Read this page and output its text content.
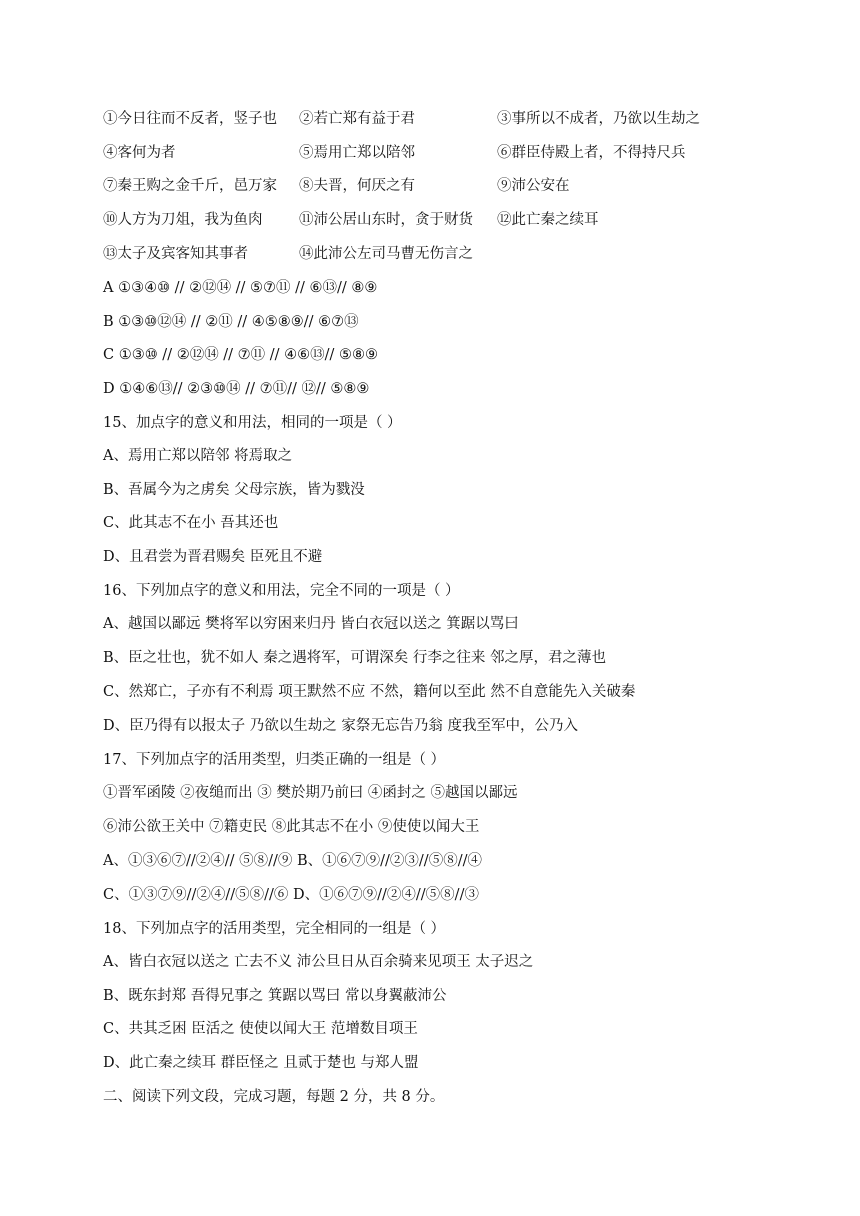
①今日往而不反者，竖子也 ②若亡郑有益于君	③事所以不成者，乃欲以生劫之
④客何为者	⑤焉用亡郑以陪邻	⑥群臣侍殿上者，不得持尺兵
⑦秦王购之金千斤，邑万家 ⑧夫晋，何厌之有	⑨沛公安在
⑩人方为刀俎，我为鱼肉	⑪沛公居山东时，贪于财货 ⑫此亡秦之续耳
⑬太子及宾客知其事者	⑭此沛公左司马曹无伤言之
A ①③④⑩ // ②⑫⑭ // ⑤⑦⑪ // ⑥⑬// ⑧⑨
B ①③⑩⑫⑭ // ②⑪ // ④⑤⑧⑨// ⑥⑦⑬
C ①③⑩ // ②⑫⑭ // ⑦⑪ // ④⑥⑬// ⑤⑧⑨
D ①④⑥⑬// ②③⑩⑭ // ⑦⑪// ⑫// ⑤⑧⑨
15、加点字的意义和用法，相同的一项是（ ）
A、焉用亡郑以陪邻 将焉取之
B、吾属今为之虏矣 父母宗族，皆为戮没
C、此其志不在小 吾其还也
D、且君尝为晋君赐矣 臣死且不避
16、下列加点字的意义和用法，完全不同的一项是（ ）
A、越国以鄙远 樊将军以穷困来归丹 皆白衣冠以送之 箕踞以骂曰
B、臣之壮也，犹不如人 秦之遇将军，可谓深矣 行李之往来 邻之厚，君之薄也
C、然郑亡，子亦有不利焉 项王默然不应 不然，籍何以至此 然不自意能先入关破秦
D、臣乃得有以报太子 乃欲以生劫之 家祭无忘告乃翁 度我至军中，公乃入
17、下列加点字的活用类型，归类正确的一组是（ ）
①晋军函陵 ②夜缒而出 ③ 樊於期乃前曰 ④函封之 ⑤越国以鄙远
⑥沛公欲王关中 ⑦籍吏民 ⑧此其志不在小 ⑨使使以闻大王
A、①③⑥⑦//②④// ⑤⑧//⑨ B、①⑥⑦⑨//②③//⑤⑧//④
C、①③⑦⑨//②④//⑤⑧//⑥ D、①⑥⑦⑨//②④//⑤⑧//③
18、下列加点字的活用类型，完全相同的一组是（ ）
A、皆白衣冠以送之 亡去不义 沛公旦日从百余骑来见项王 太子迟之
B、既东封郑 吾得兄事之 箕踞以骂曰 常以身翼蔽沛公
C、共其乏困 臣活之 使使以闻大王 范增数目项王
D、此亡秦之续耳 群臣怪之 且贰于楚也 与郑人盟
二、阅读下列文段，完成习题，每题 2 分，共 8 分。
